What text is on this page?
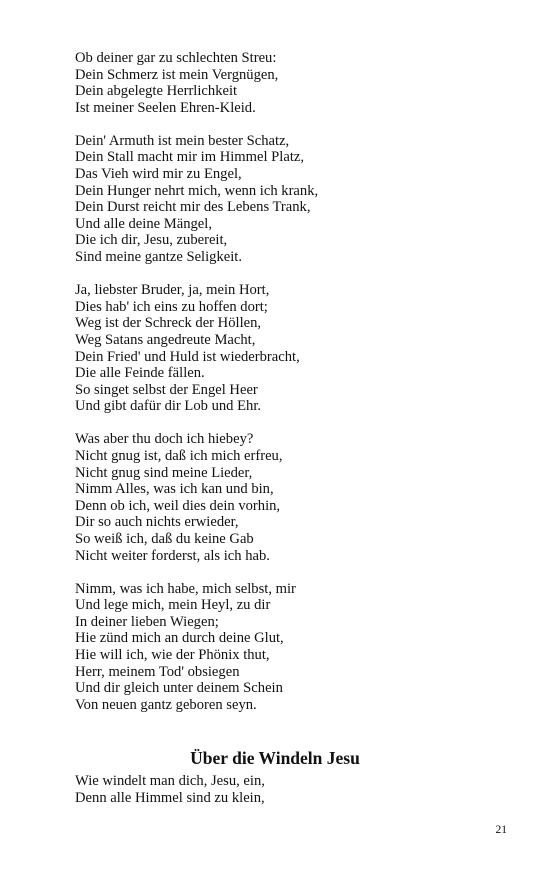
Ob deiner gar zu schlechten Streu:
Dein Schmerz ist mein Vergnügen,
Dein abgelegte Herrlichkeit
Ist meiner Seelen Ehren-Kleid.
Dein' Armuth ist mein bester Schatz,
Dein Stall macht mir im Himmel Platz,
Das Vieh wird mir zu Engel,
Dein Hunger nehrt mich, wenn ich krank,
Dein Durst reicht mir des Lebens Trank,
Und alle deine Mängel,
Die ich dir, Jesu, zubereit,
Sind meine gantze Seligkeit.
Ja, liebster Bruder, ja, mein Hort,
Dies hab' ich eins zu hoffen dort;
Weg ist der Schreck der Höllen,
Weg Satans angedreute Macht,
Dein Fried' und Huld ist wiederbracht,
Die alle Feinde fällen.
So singet selbst der Engel Heer
Und gibt dafür dir Lob und Ehr.
Was aber thu doch ich hiebey?
Nicht gnug ist, daß ich mich erfreu,
Nicht gnug sind meine Lieder,
Nimm Alles, was ich kan und bin,
Denn ob ich, weil dies dein vorhin,
Dir so auch nichts erwieder,
So weiß ich, daß du keine Gab
Nicht weiter forderst, als ich hab.
Nimm, was ich habe, mich selbst, mir
Und lege mich, mein Heyl, zu dir
In deiner lieben Wiegen;
Hie zünd mich an durch deine Glut,
Hie will ich, wie der Phönix thut,
Herr, meinem Tod' obsiegen
Und dir gleich unter deinem Schein
Von neuen gantz geboren seyn.
Über die Windeln Jesu
Wie windelt man dich, Jesu, ein,
Denn alle Himmel sind zu klein,
21
